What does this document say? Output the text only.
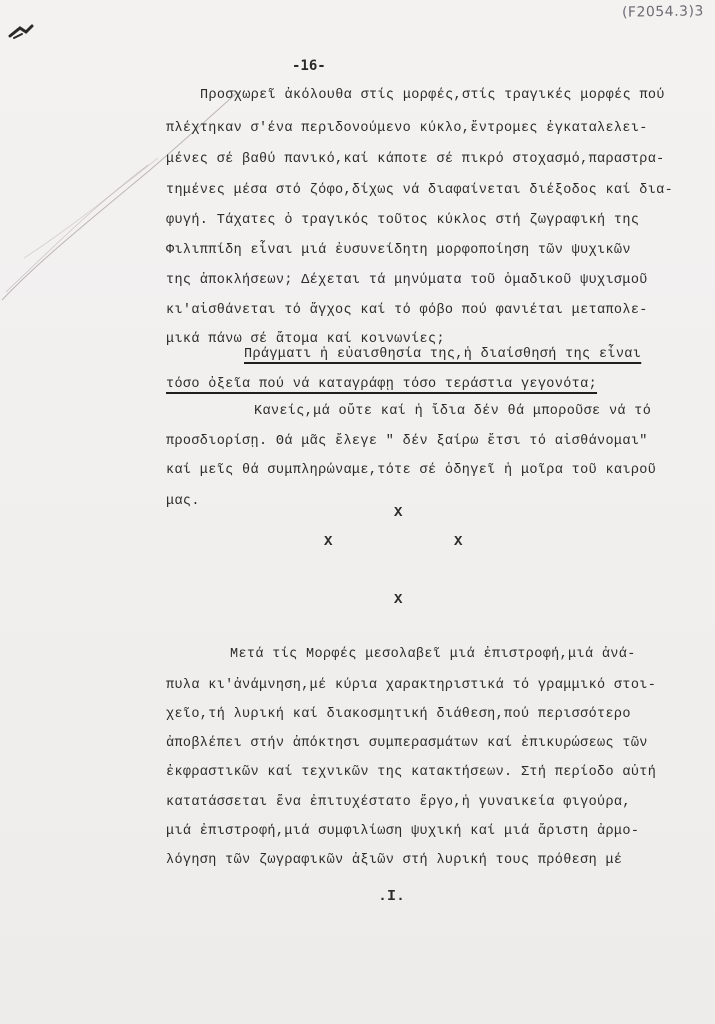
(F2054.3)3
-16-
Προσχωρεῖ ἀκόλουθα στίς μορφές,στίς τραγικές μορφές πού
πλέχτηκαν σ'ένα περιδονούμενο κύκλο,ἔντρομες ἐγκαταλελει-
μένες σέ βαθύ πανικό,καί κάποτε σέ πικρό στοχασμό,παραστρα-
τημένες μέσα στό ζόφο,δίχως νά διαφαίνεται διέξοδος καί δια-
φυγή. Τάχατες ὁ τραγικός τοῦτος κύκλος στή ζωγραφική της
Φιλιππίδη εἶναι μιά ἐυσυνείδητη μορφοποίηση τῶν ψυχικῶν
της ἀποκλήσεων; Δέχεται τά μηνύματα τοῦ ὁμαδικοῦ ψυχισμοῦ
κι'αἰσθάνεται τό ἄγχος καί τό φόβο πού φανιέται μεταπολε-
μικά πάνω σέ ἄτομα καί κοινωνίες;
Πράγματι ἡ εὐαισθησία της,ἡ διαίσθησή της εἶναι
τόσο ὀξεῖα πού νά καταγράφῃ τόσο τεράστια γεγονότα;
Κανείς,μά οὔτε καί ἡ ἴδια δέν θά μποροῦσε νά τό
προσδιορίσῃ. Θά μᾶς ἔλεγε " δέν ξαίρω ἔτσι τό αἰσθάνομαι"
καί μεῖς θά συμπληρώναμε,τότε σέ ὁδηγεῖ ἡ μοῖρα τοῦ καιροῦ
μας.
Χ
Χ	Χ
Χ
Μετά τίς Μορφές μεσολαβεῖ μιά ἐπιστροφή,μιά ἀνά-
πυλα κι'ἀνάμνηση,μέ κύρια χαρακτηριστικά τό γραμμικό στοι-
χεῖο,τή λυρική καί διακοσμητική διάθεση,πού περισσότερο
ἀποβλέπει στήν ἀπόκτησι συμπερασμάτων καί ἐπικυρώσεως τῶν
ἐκφραστικῶν καί τεχνικῶν της κατακτήσεων. Στή περίοδο αὐτή
κατατάσσεται ἕνα ἐπιτυχέστατο ἔργο,ἡ γυναικεία φιγούρα,
μιά ἐπιστροφή,μιά συμφιλίωση ψυχική καί μιά ἄριστη ἀρμο-
λόγηση τῶν ζωγραφικῶν ἀξιῶν στή λυρική τους πρόθεση μέ
.Ι.
